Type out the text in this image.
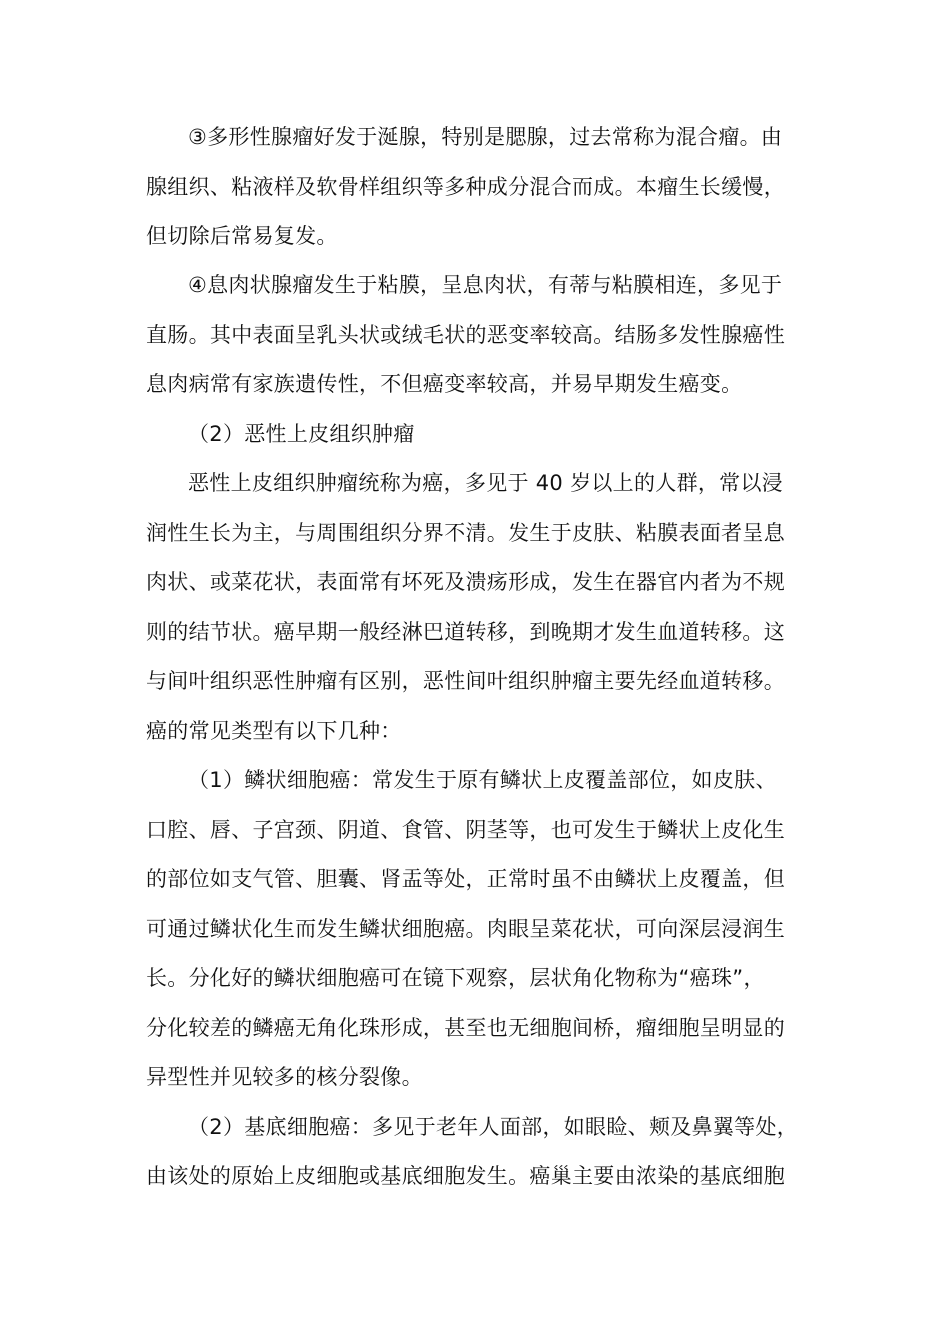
③多形性腺瘤好发于涎腺，特别是腮腺，过去常称为混合瘤。由
腺组织、粘液样及软骨样组织等多种成分混合而成。本瘤生长缓慢，
但切除后常易复发。
④息肉状腺瘤发生于粘膜，呈息肉状，有蒂与粘膜相连，多见于
直肠。其中表面呈乳头状或绒毛状的恶变率较高。结肠多发性腺癌性
息肉病常有家族遗传性，不但癌变率较高，并易早期发生癌变。
（2）恶性上皮组织肿瘤
恶性上皮组织肿瘤统称为癌，多见于 40 岁以上的人群，常以浸
润性生长为主，与周围组织分界不清。发生于皮肤、粘膜表面者呈息
肉状、或菜花状，表面常有坏死及溃疡形成，发生在器官内者为不规
则的结节状。癌早期一般经淋巴道转移，到晚期才发生血道转移。这
与间叶组织恶性肿瘤有区别，恶性间叶组织肿瘤主要先经血道转移。
癌的常见类型有以下几种：
（1）鳞状细胞癌：常发生于原有鳞状上皮覆盖部位，如皮肤、
口腔、唇、子宫颈、阴道、食管、阴茎等，也可发生于鳞状上皮化生
的部位如支气管、胆囊、肾盂等处，正常时虽不由鳞状上皮覆盖，但
可通过鳞状化生而发生鳞状细胞癌。肉眼呈菜花状，可向深层浸润生
长。分化好的鳞状细胞癌可在镜下观察，层状角化物称为“癌珠”，
分化较差的鳞癌无角化珠形成，甚至也无细胞间桥，瘤细胞呈明显的
异型性并见较多的核分裂像。
（2）基底细胞癌：多见于老年人面部，如眼睑、颊及鼻翼等处，
由该处的原始上皮细胞或基底细胞发生。癌巢主要由浓染的基底细胞
